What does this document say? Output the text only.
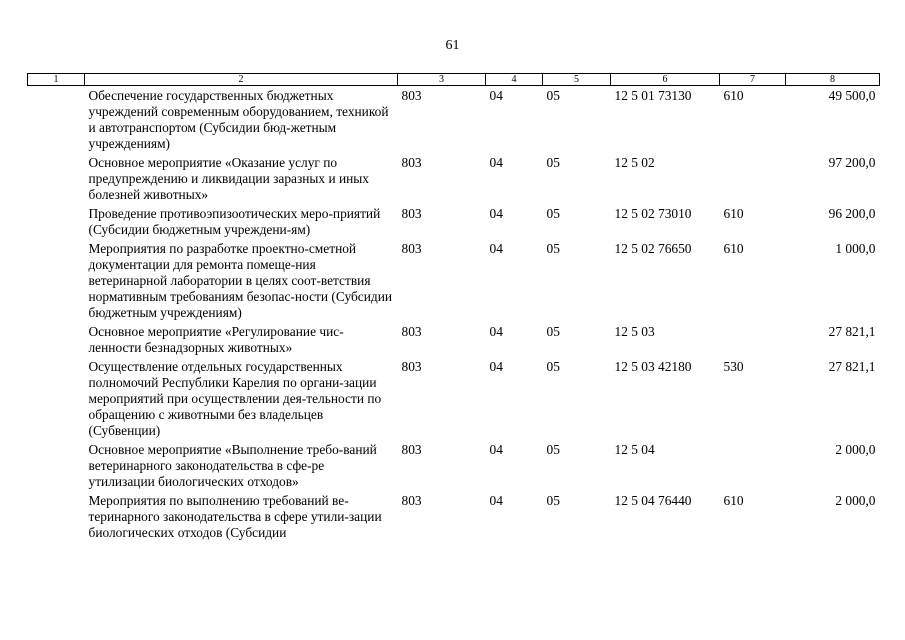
61
1	2	3	4	5	6	7	8
	Обеспечение государственных бюджетных учреждений современным оборудованием, техникой и автотранспортом (Субсидии бюд-жетным учреждениям)	803	04	05	12 5 01 73130	610	49 500,0
	Основное мероприятие «Оказание услуг по предупреждению и ликвидации заразных и иных болезней животных»	803	04	05	12 5 02		97 200,0
	Проведение противоэпизоотических меро-приятий (Субсидии бюджетным учреждени-ям)	803	04	05	12 5 02 73010	610	96 200,0
	Мероприятия по разработке проектно-сметной документации для ремонта помеще-ния ветеринарной лаборатории в целях соот-ветствия нормативным требованиям безопас-ности (Субсидии бюджетным учреждениям)	803	04	05	12 5 02 76650	610	1 000,0
	Основное мероприятие «Регулирование чис-ленности безнадзорных животных»	803	04	05	12 5 03		27 821,1
	Осуществление отдельных государственных полномочий Республики Карелия по органи-зации мероприятий при осуществлении дея-тельности по обращению с животными без владельцев (Субвенции)	803	04	05	12 5 03 42180	530	27 821,1
	Основное мероприятие «Выполнение требо-ваний ветеринарного законодательства в сфе-ре утилизации биологических отходов»	803	04	05	12 5 04		2 000,0
	Мероприятия по выполнению требований ве-теринарного законодательства в сфере утили-зации биологических отходов (Субсидии	803	04	05	12 5 04 76440	610	2 000,0
